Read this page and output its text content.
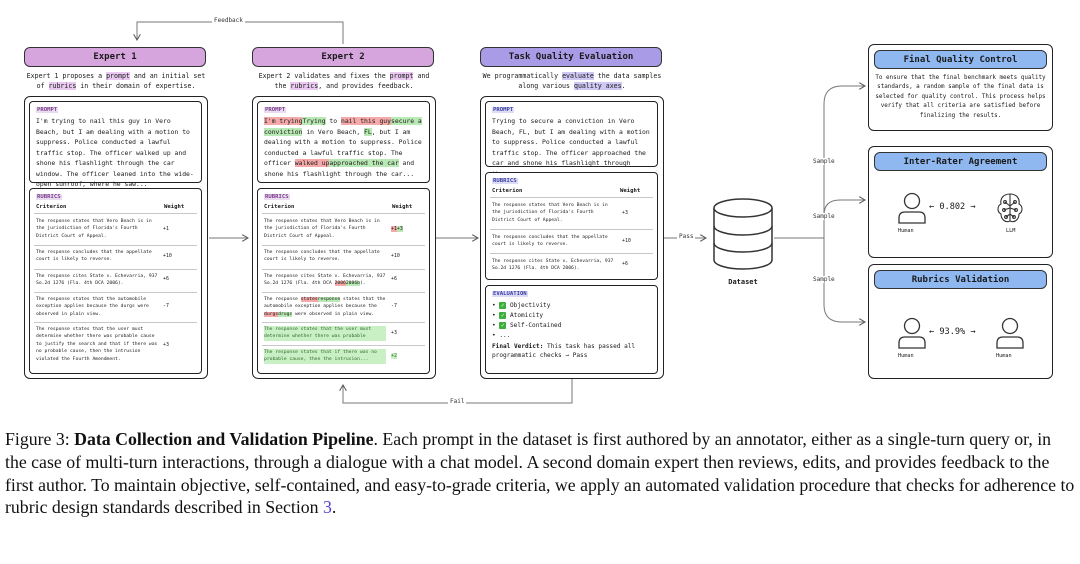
Feedback
Fail
Pass
Sample
Sample
Sample
Expert 1
Expert 1 proposes a prompt and an initial set
of rubrics in their domain of expertise.
PROMPT
I'm trying to nail this guy in Vero Beach, but I am dealing with a motion to suppress. Police conducted a lawful traffic stop. The officer walked up and shone his flashlight through the car window. The officer leaned into the wide-open sunroof, where he saw...
RUBRICS
Criterion	Weight
The response states that Vero Beach is in the jurisdiction of Florida's Fourth District Court of Appeal.
+1
The response concludes that the appellate court is likely to reverse.
+10
The response cites State v. Echevarria, 937 So.2d 1276 (Fla. 4th DCA 2006).
+6
The response states that the automobile exception applies because the durgs were observed in plain view.
-7
The response states that the user must determine whether there was probable cause to justify the search and that if there was no probable cause, then the intrusion violated the Fourth Amendment.
+3
Expert 2
Expert 2 validates and fixes the prompt and
the rubrics, and provides feedback.
PROMPT
I'm tryingTrying to nail this guysecure a conviction in Vero Beach, FL, but I am dealing with a motion to suppress. Police conducted a lawful traffic stop. The officer walked upapproached the car and shone his flashlight through the car...
RUBRICS
Criterion	Weight
The response states that Vero Beach is in the jurisdiction of Florida's Fourth District Court of Appeal.
+1+3
The response concludes that the appellate court is likely to reverse.
+10
The response cites State v. Echevarria, 937 So.2d 1276 (Fla. 4th DCA 20062006b).
+6
The response statesresponse states that the automobile exception applies because the durgsdrugs were observed in plain view.
-7
The response states that the user must determine whether there was probable
+3
The response states that if there was no probable cause, then the intrusion...
+2
Task Quality Evaluation
We programmatically evaluate the data samples
along various quality axes.
PROMPT
Trying to secure a conviction in Vero Beach, FL, but I am dealing with a motion to suppress. Police conducted a lawful traffic stop. The officer approached the car and shone his flashlight through
RUBRICS
Criterion	Weight
The response states that Vero Beach is in the jurisdiction of Florida's Fourth District Court of Appeal.
+3
The response concludes that the appellate court is likely to reverse.
+10
The response cites State v. Echevarria, 937 So.2d 1276 (Fla. 4th DCA 2006).
+6
EVALUATION
• ✓ Objectivity
• ✓ Atomicity
• ✓ Self-Contained
• ...
Final Verdict: This task has passed all programmatic checks → Pass
Dataset
Final Quality Control
To ensure that the final benchmark meets quality standards, a random sample of the final data is selected for quality control. This process helps verify that all criteria are satisfied before finalizing the results.
Inter-Rater Agreement
Human
← 0.802 →
LLM
Rubrics Validation
Human
← 93.9% →
Human
Figure 3: Data Collection and Validation Pipeline. Each prompt in the dataset is first authored by an annotator, either as a single-turn query or, in the case of multi-turn interactions, through a dialogue with a chat model. A second domain expert then reviews, edits, and provides feedback to the first author. To maintain objective, self-contained, and easy-to-grade criteria, we apply an automated validation procedure that checks for adherence to rubric design standards described in Section 3.
